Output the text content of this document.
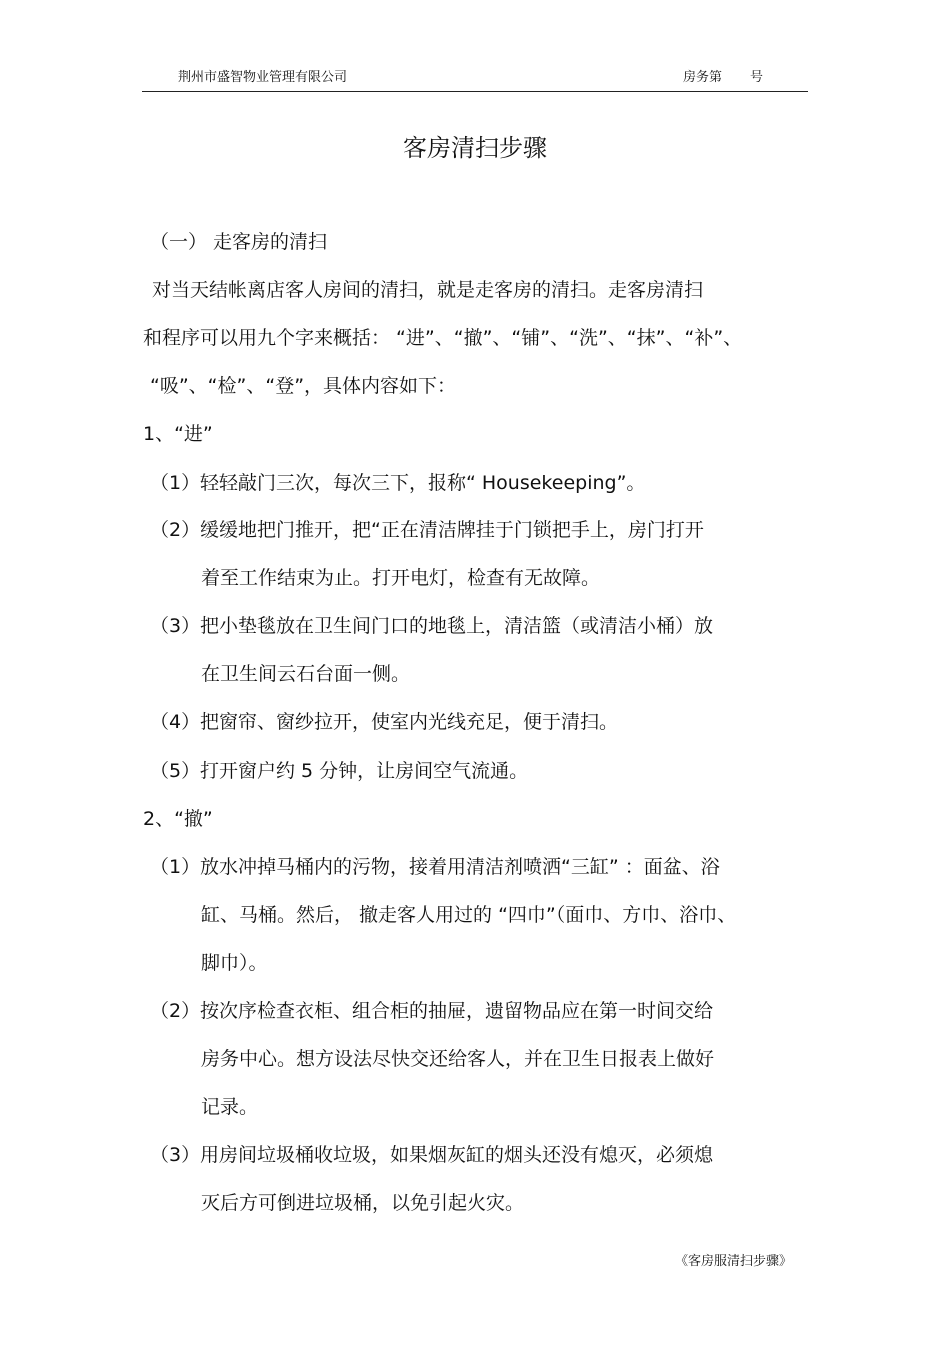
荆州市盛智物业管理有限公司	房务第 号
客房清扫步骤
（一） 走客房的清扫
对当天结帐离店客人房间的清扫，就是走客房的清扫。走客房清扫
和程序可以用九个字来概括： “进”、“撤”、“铺”、“洗”、“抹”、“补”、
“吸”、“检”、“登”，具体内容如下：
1、“进”
（1）轻轻敲门三次，每次三下，报称“ Housekeeping”。
（2）缓缓地把门推开，把“正在清洁牌挂于门锁把手上，房门打开
着至工作结束为止。打开电灯，检查有无故障。
（3）把小垫毯放在卫生间门口的地毯上，清洁篮（或清洁小桶）放
在卫生间云石台面一侧。
（4）把窗帘、窗纱拉开，使室内光线充足，便于清扫。
（5）打开窗户约 5 分钟，让房间空气流通。
2、“撤”
（1）放水冲掉马桶内的污物，接着用清洁剂喷洒“三缸” ：面盆、浴
缸、马桶。然后， 撤走客人用过的 “四巾”（面巾、方巾、浴巾、
脚巾）。
（2）按次序检查衣柜、组合柜的抽屉，遗留物品应在第一时间交给
房务中心。想方设法尽快交还给客人，并在卫生日报表上做好
记录。
（3）用房间垃圾桶收垃圾，如果烟灰缸的烟头还没有熄灭，必须熄
灭后方可倒进垃圾桶，以免引起火灾。
《客房服清扫步骤》
